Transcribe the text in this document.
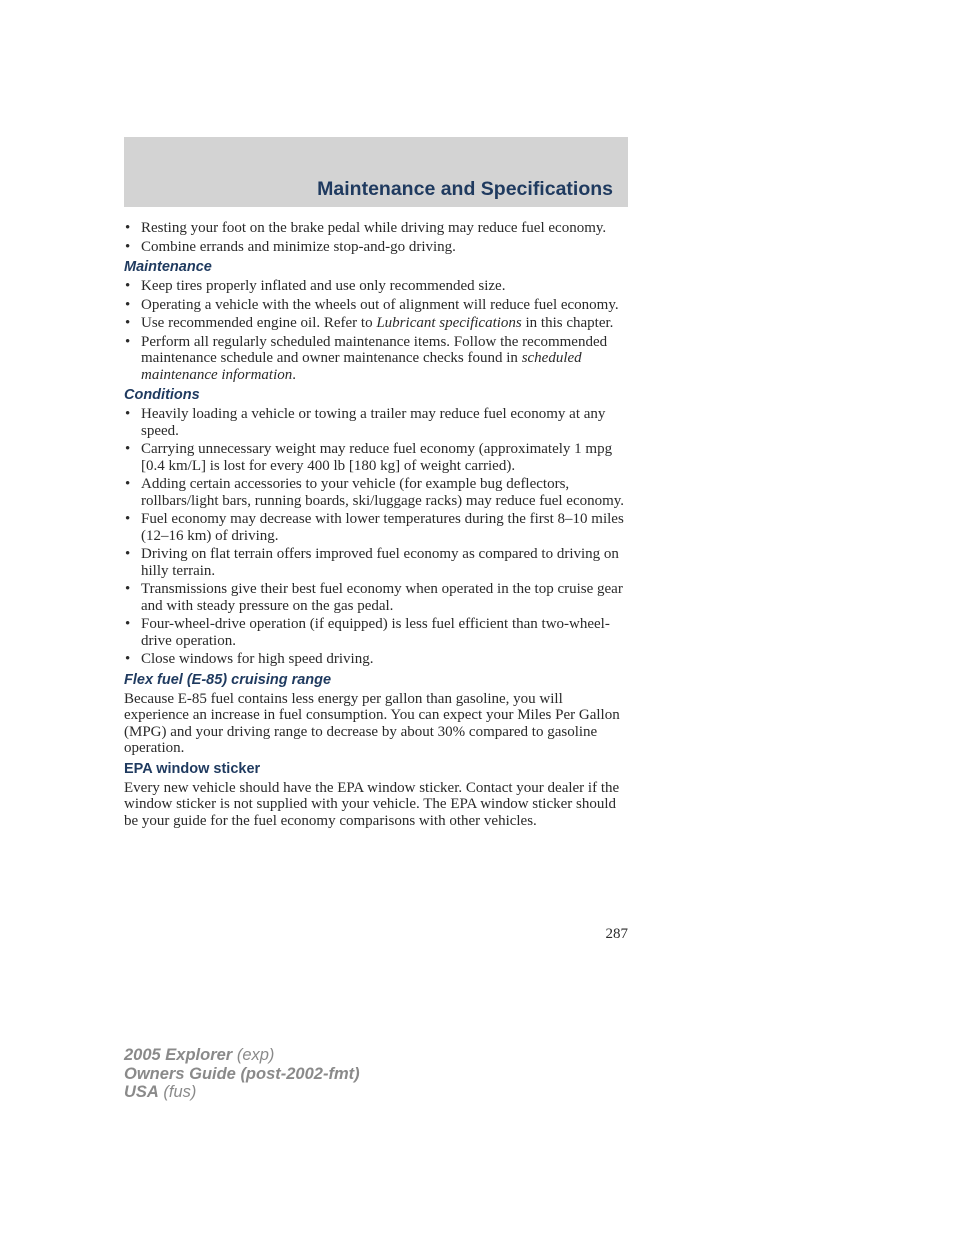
Maintenance and Specifications
• Resting your foot on the brake pedal while driving may reduce fuel economy.
• Combine errands and minimize stop-and-go driving.
Maintenance
• Keep tires properly inflated and use only recommended size.
• Operating a vehicle with the wheels out of alignment will reduce fuel economy.
• Use recommended engine oil. Refer to Lubricant specifications in this chapter.
• Perform all regularly scheduled maintenance items. Follow the recommended maintenance schedule and owner maintenance checks found in scheduled maintenance information.
Conditions
• Heavily loading a vehicle or towing a trailer may reduce fuel economy at any speed.
• Carrying unnecessary weight may reduce fuel economy (approximately 1 mpg [0.4 km/L] is lost for every 400 lb [180 kg] of weight carried).
• Adding certain accessories to your vehicle (for example bug deflectors, rollbars/light bars, running boards, ski/luggage racks) may reduce fuel economy.
• Fuel economy may decrease with lower temperatures during the first 8–10 miles (12–16 km) of driving.
• Driving on flat terrain offers improved fuel economy as compared to driving on hilly terrain.
• Transmissions give their best fuel economy when operated in the top cruise gear and with steady pressure on the gas pedal.
• Four-wheel-drive operation (if equipped) is less fuel efficient than two-wheel-drive operation.
• Close windows for high speed driving.
Flex fuel (E-85) cruising range

Because E-85 fuel contains less energy per gallon than gasoline, you will experience an increase in fuel consumption. You can expect your Miles Per Gallon (MPG) and your driving range to decrease by about 30% compared to gasoline operation.

EPA window sticker

Every new vehicle should have the EPA window sticker. Contact your dealer if the window sticker is not supplied with your vehicle. The EPA window sticker should be your guide for the fuel economy comparisons with other vehicles.

287
2005 Explorer (exp)
Owners Guide (post-2002-fmt)
USA (fus)
